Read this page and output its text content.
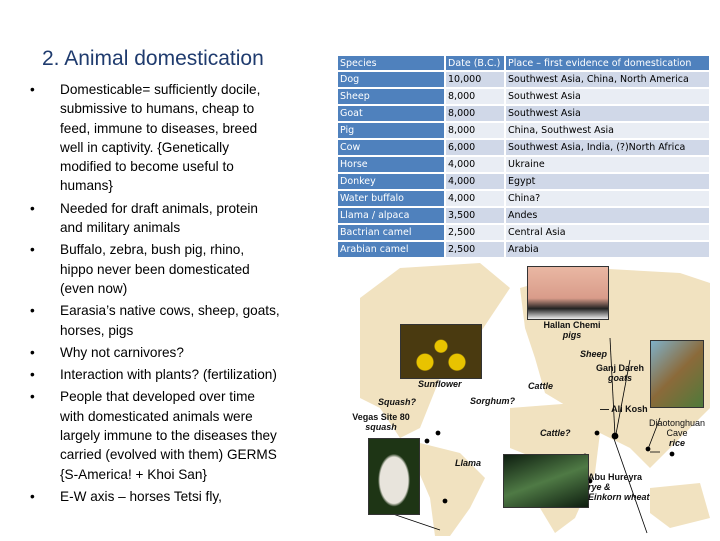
2. Animal domestication
• Domesticable= sufficiently docile, submissive to humans, cheap to feed, immune to diseases, breed well in captivity. {Genetically modified to become useful to humans}
• Needed for draft animals, protein and military animals
• Buffalo, zebra, bush pig, rhino, hippo never been domesticated (even now)
• Earasia’s native cows, sheep, goats, horses, pigs
• Why not carnivores?
• Interaction with plants? (fertilization)
• People that developed over time with domesticated animals were largely immune to the diseases they carried (evolved with them) GERMS {S-America! + Khoi San}
• E-W axis – horses Tetsi fly,
Species	Date (B.C.)	Place – first evidence of domestication
Dog	10,000	Southwest Asia, China, North America
Sheep	8,000	Southwest Asia
Goat	8,000	Southwest Asia
Pig	8,000	China, Southwest Asia
Cow	6,000	Southwest Asia, India, (?)North Africa
Horse	4,000	Ukraine
Donkey	4,000	Egypt
Water buffalo	4,000	China?
Llama / alpaca	3,500	Andes
Bactrian camel	2,500	Central Asia
Arabian camel	2,500	Arabia
Hallan Chemi
pigs
Sheep
Ganj Dareh
goats
Cattle
Sorghum?
— Ali Kosh
Squash?
Vegas Site 80
squash
Sunflower
Llama
Cattle?
Diaotonghuan
Cave
rice
Abu Hureyra
rye &
Einkorn wheat
